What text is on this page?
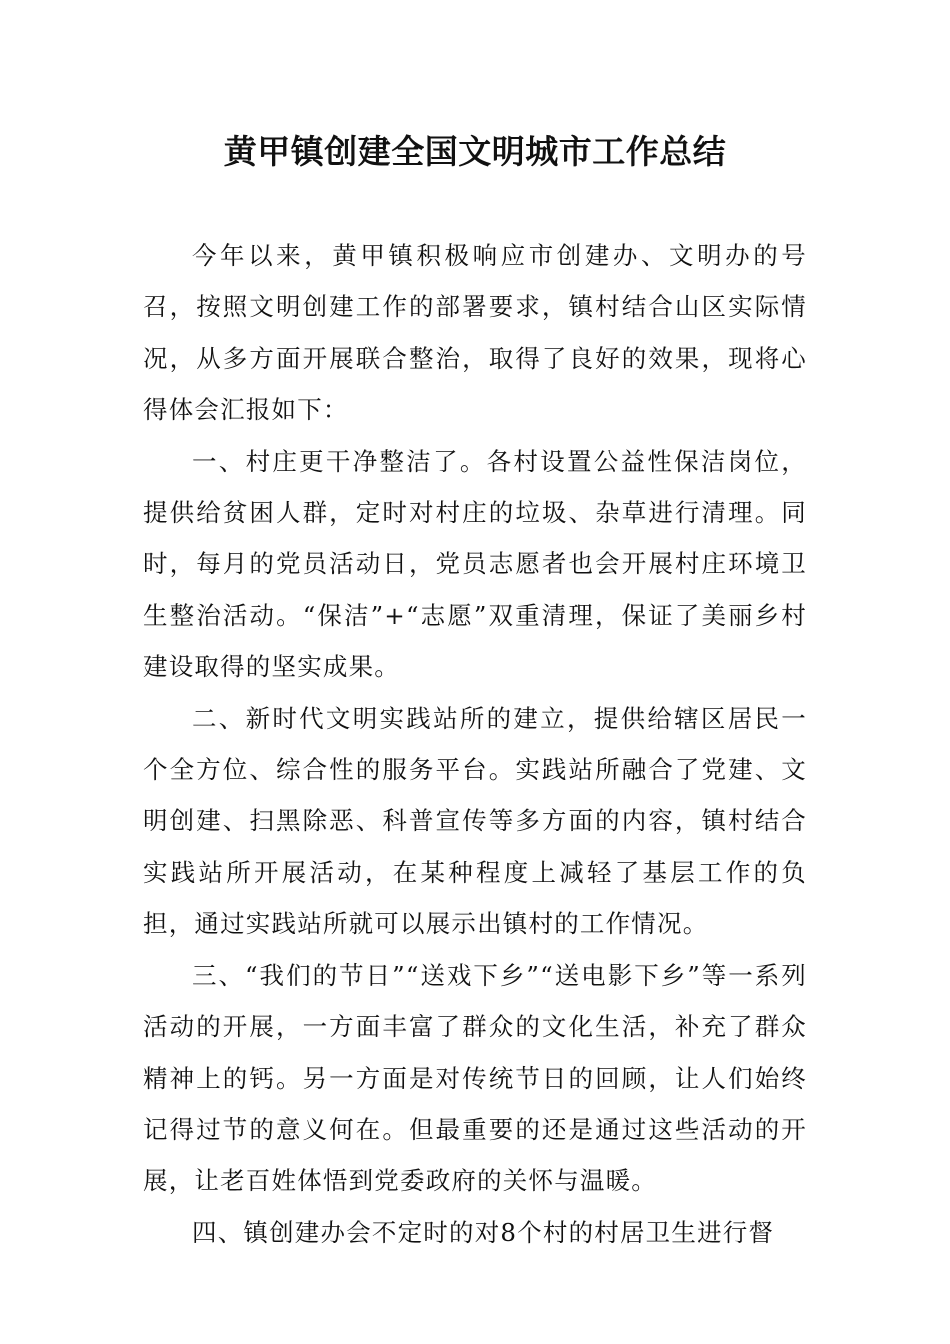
黄甲镇创建全国文明城市工作总结

今年以来，黄甲镇积极响应市创建办、文明办的号召，按照文明创建工作的部署要求，镇村结合山区实际情况，从多方面开展联合整治，取得了良好的效果，现将心得体会汇报如下：

一、村庄更干净整洁了。各村设置公益性保洁岗位，提供给贫困人群，定时对村庄的垃圾、杂草进行清理。同时，每月的党员活动日，党员志愿者也会开展村庄环境卫生整治活动。“保洁”+“志愿”双重清理，保证了美丽乡村建设取得的坚实成果。

二、新时代文明实践站所的建立，提供给辖区居民一个全方位、综合性的服务平台。实践站所融合了党建、文明创建、扫黑除恶、科普宣传等多方面的内容，镇村结合实践站所开展活动，在某种程度上减轻了基层工作的负担，通过实践站所就可以展示出镇村的工作情况。

三、“我们的节日”“送戏下乡”“送电影下乡”等一系列活动的开展，一方面丰富了群众的文化生活，补充了群众精神上的钙。另一方面是对传统节日的回顾，让人们始终记得过节的意义何在。但最重要的还是通过这些活动的开展，让老百姓体悟到党委政府的关怀与温暖。

四、镇创建办会不定时的对8个村的村居卫生进行督
